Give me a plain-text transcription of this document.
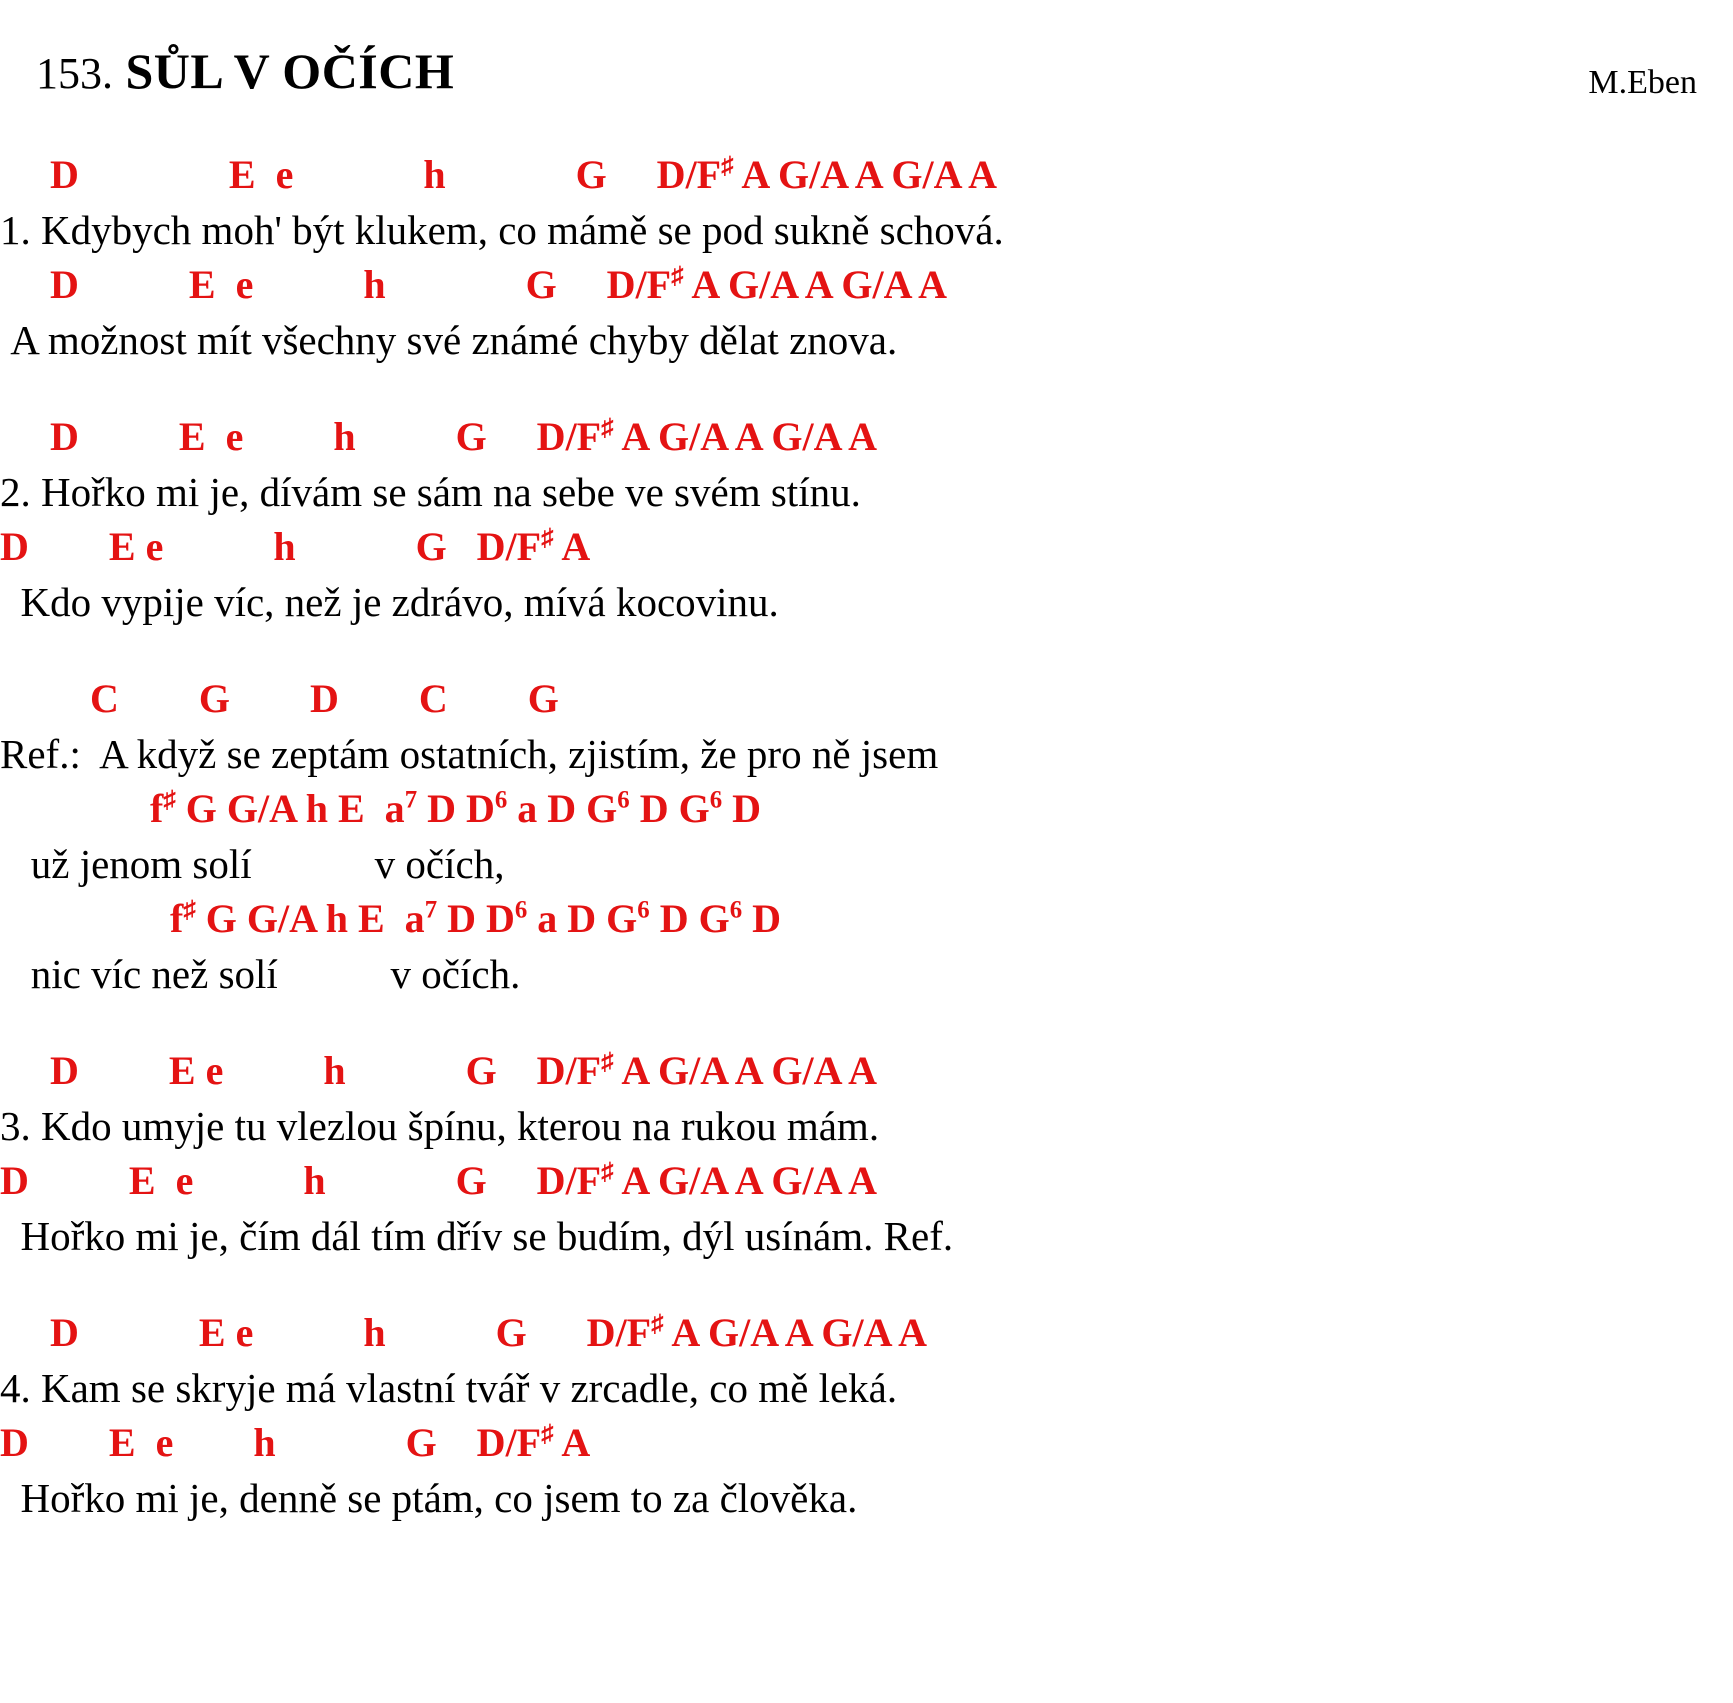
153. SŮL V OČÍCH	M.Eben
D               E  e             h             G     D/F♯ A G/A A G/A A
1. Kdybych moh' být klukem, co mámě se pod sukně schová.
D           E  e           h              G     D/F♯ A G/A A G/A A
A možnost mít všechny své známé chyby dělat znova.
D          E  e         h          G     D/F♯ A G/A A G/A A
2. Hořko mi je, dívám se sám na sebe ve svém stínu.
D        E e           h            G   D/F♯ A
Kdo vypije víc, než je zdrávo, mívá kocovinu.
C        G        D        C        G
Ref.:  A když se zeptám ostatních, zjistím, že pro ně jsem
f♯ G G/A h E  $a^7$ D $D^6$ a D $G^6$ D $G^6$ D
už jenom solí            v očích,
f♯ G G/A h E  $a^7$ D $D^6$ a D $G^6$ D $G^6$ D
nic víc než solí           v očích.
D         E e          h            G    D/F♯ A G/A A G/A A
3. Kdo umyje tu vlezlou špínu, kterou na rukou mám.
D          E  e           h             G     D/F♯ A G/A A G/A A
Hořko mi je, čím dál tím dřív se budím, dýl usínám. Ref.
D            E e           h           G      D/F♯ A G/A A G/A A
4. Kam se skryje má vlastní tvář v zrcadle, co mě leká.
D        E  e        h             G    D/F♯ A
Hořko mi je, denně se ptám, co jsem to za člověka.
